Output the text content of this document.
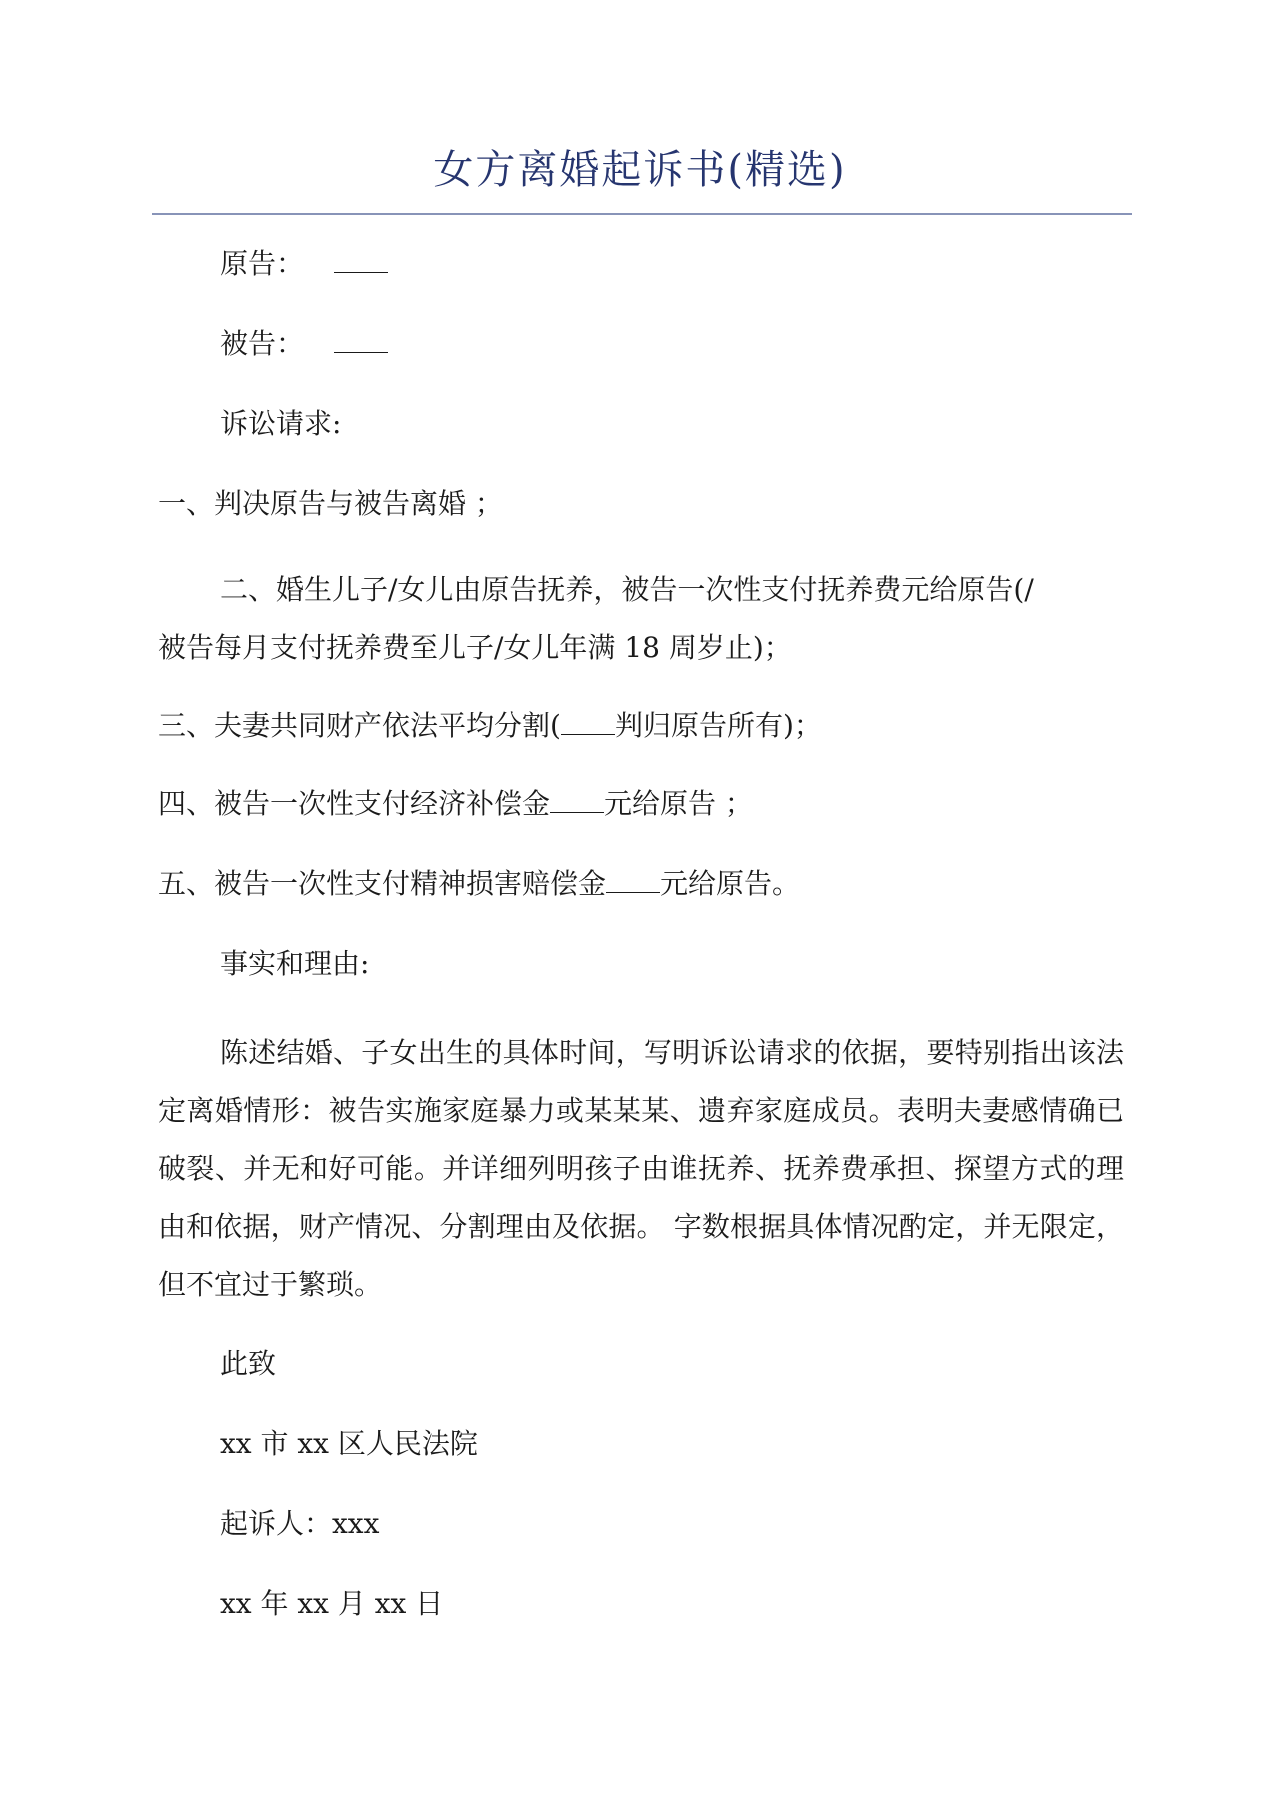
女方离婚起诉书(精选)

原告：

被告：

诉讼请求:

一、判决原告与被告离婚 ；

二、婚生儿子/女儿由原告抚养，被告一次性支付抚养费元给原告(/

被告每月支付抚养费至儿子/女儿年满 18 周岁止)；

三、夫妻共同财产依法平均分割( 判归原告所有)；

四、被告一次性支付经济补偿金 元给原告 ；

五、被告一次性支付精神损害赔偿金 元给原告。

事实和理由:

陈述结婚、子女出生的具体时间，写明诉讼请求的依据，要特别指出该法定离婚情形：被告实施家庭暴力或某某某、遗弃家庭成员。表明夫妻感情确已破裂、并无和好可能。并详细列明孩子由谁抚养、抚养费承担、探望方式的理由和依据，财产情况、分割理由及依据。 字数根据具体情况酌定，并无限定， 但不宜过于繁琐。

此致

xx 市 xx 区人民法院

起诉人：xxx

xx 年 xx 月 xx 日
